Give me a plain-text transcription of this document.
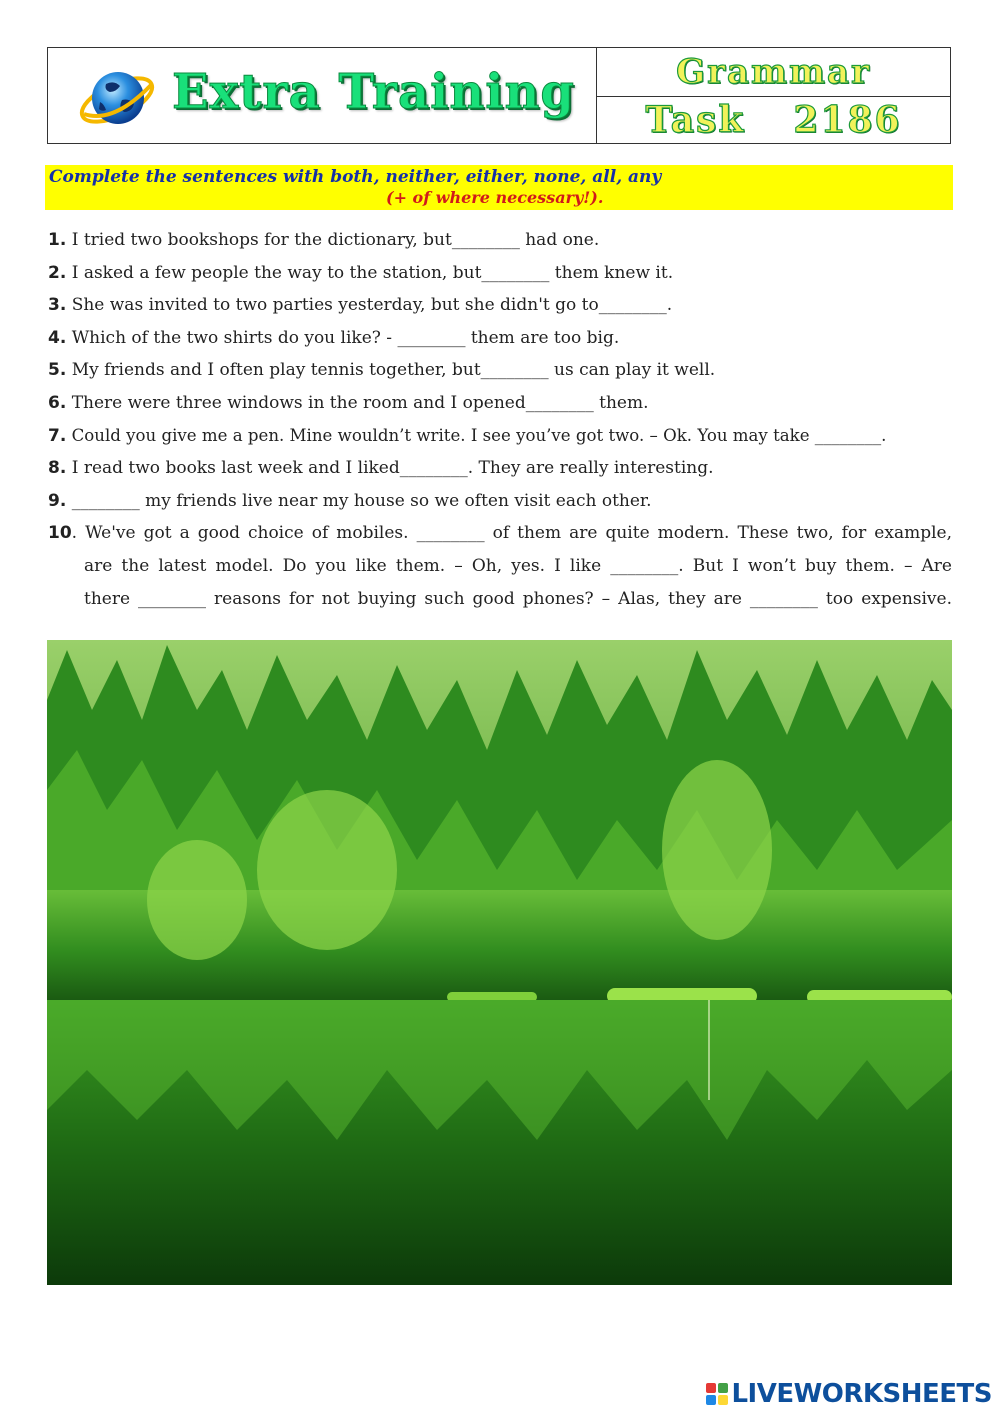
Extra Training	Grammar
Task 2186
Complete the sentences with both, neither, either, none, all, any
(+ of where necessary!).
1. I tried two bookshops for the dictionary, but________ had one.
2. I asked a few people the way to the station, but________ them knew it.
3. She was invited to two parties yesterday, but she didn't go to________.
4. Which of the two shirts do you like? - ________ them are too big.
5. My friends and I often play tennis together, but________ us can play it well.
6. There were three windows in the room and I opened________ them.
7. Could you give me a pen. Mine wouldn’t write. I see you’ve got two. – Ok. You may take ________.
8. I read two books last week and I liked________. They are really interesting.
9. ________ my friends live near my house so we often visit each other.
10. We've got a good choice of mobiles. ________ of them are quite modern. These two, for example,
are the latest model. Do you like them. – Oh, yes. I like ________. But I won’t buy them. – Are
there ________ reasons for not buying such good phones? – Alas, they are ________ too expensive.
LIVEWORKSHEETS
